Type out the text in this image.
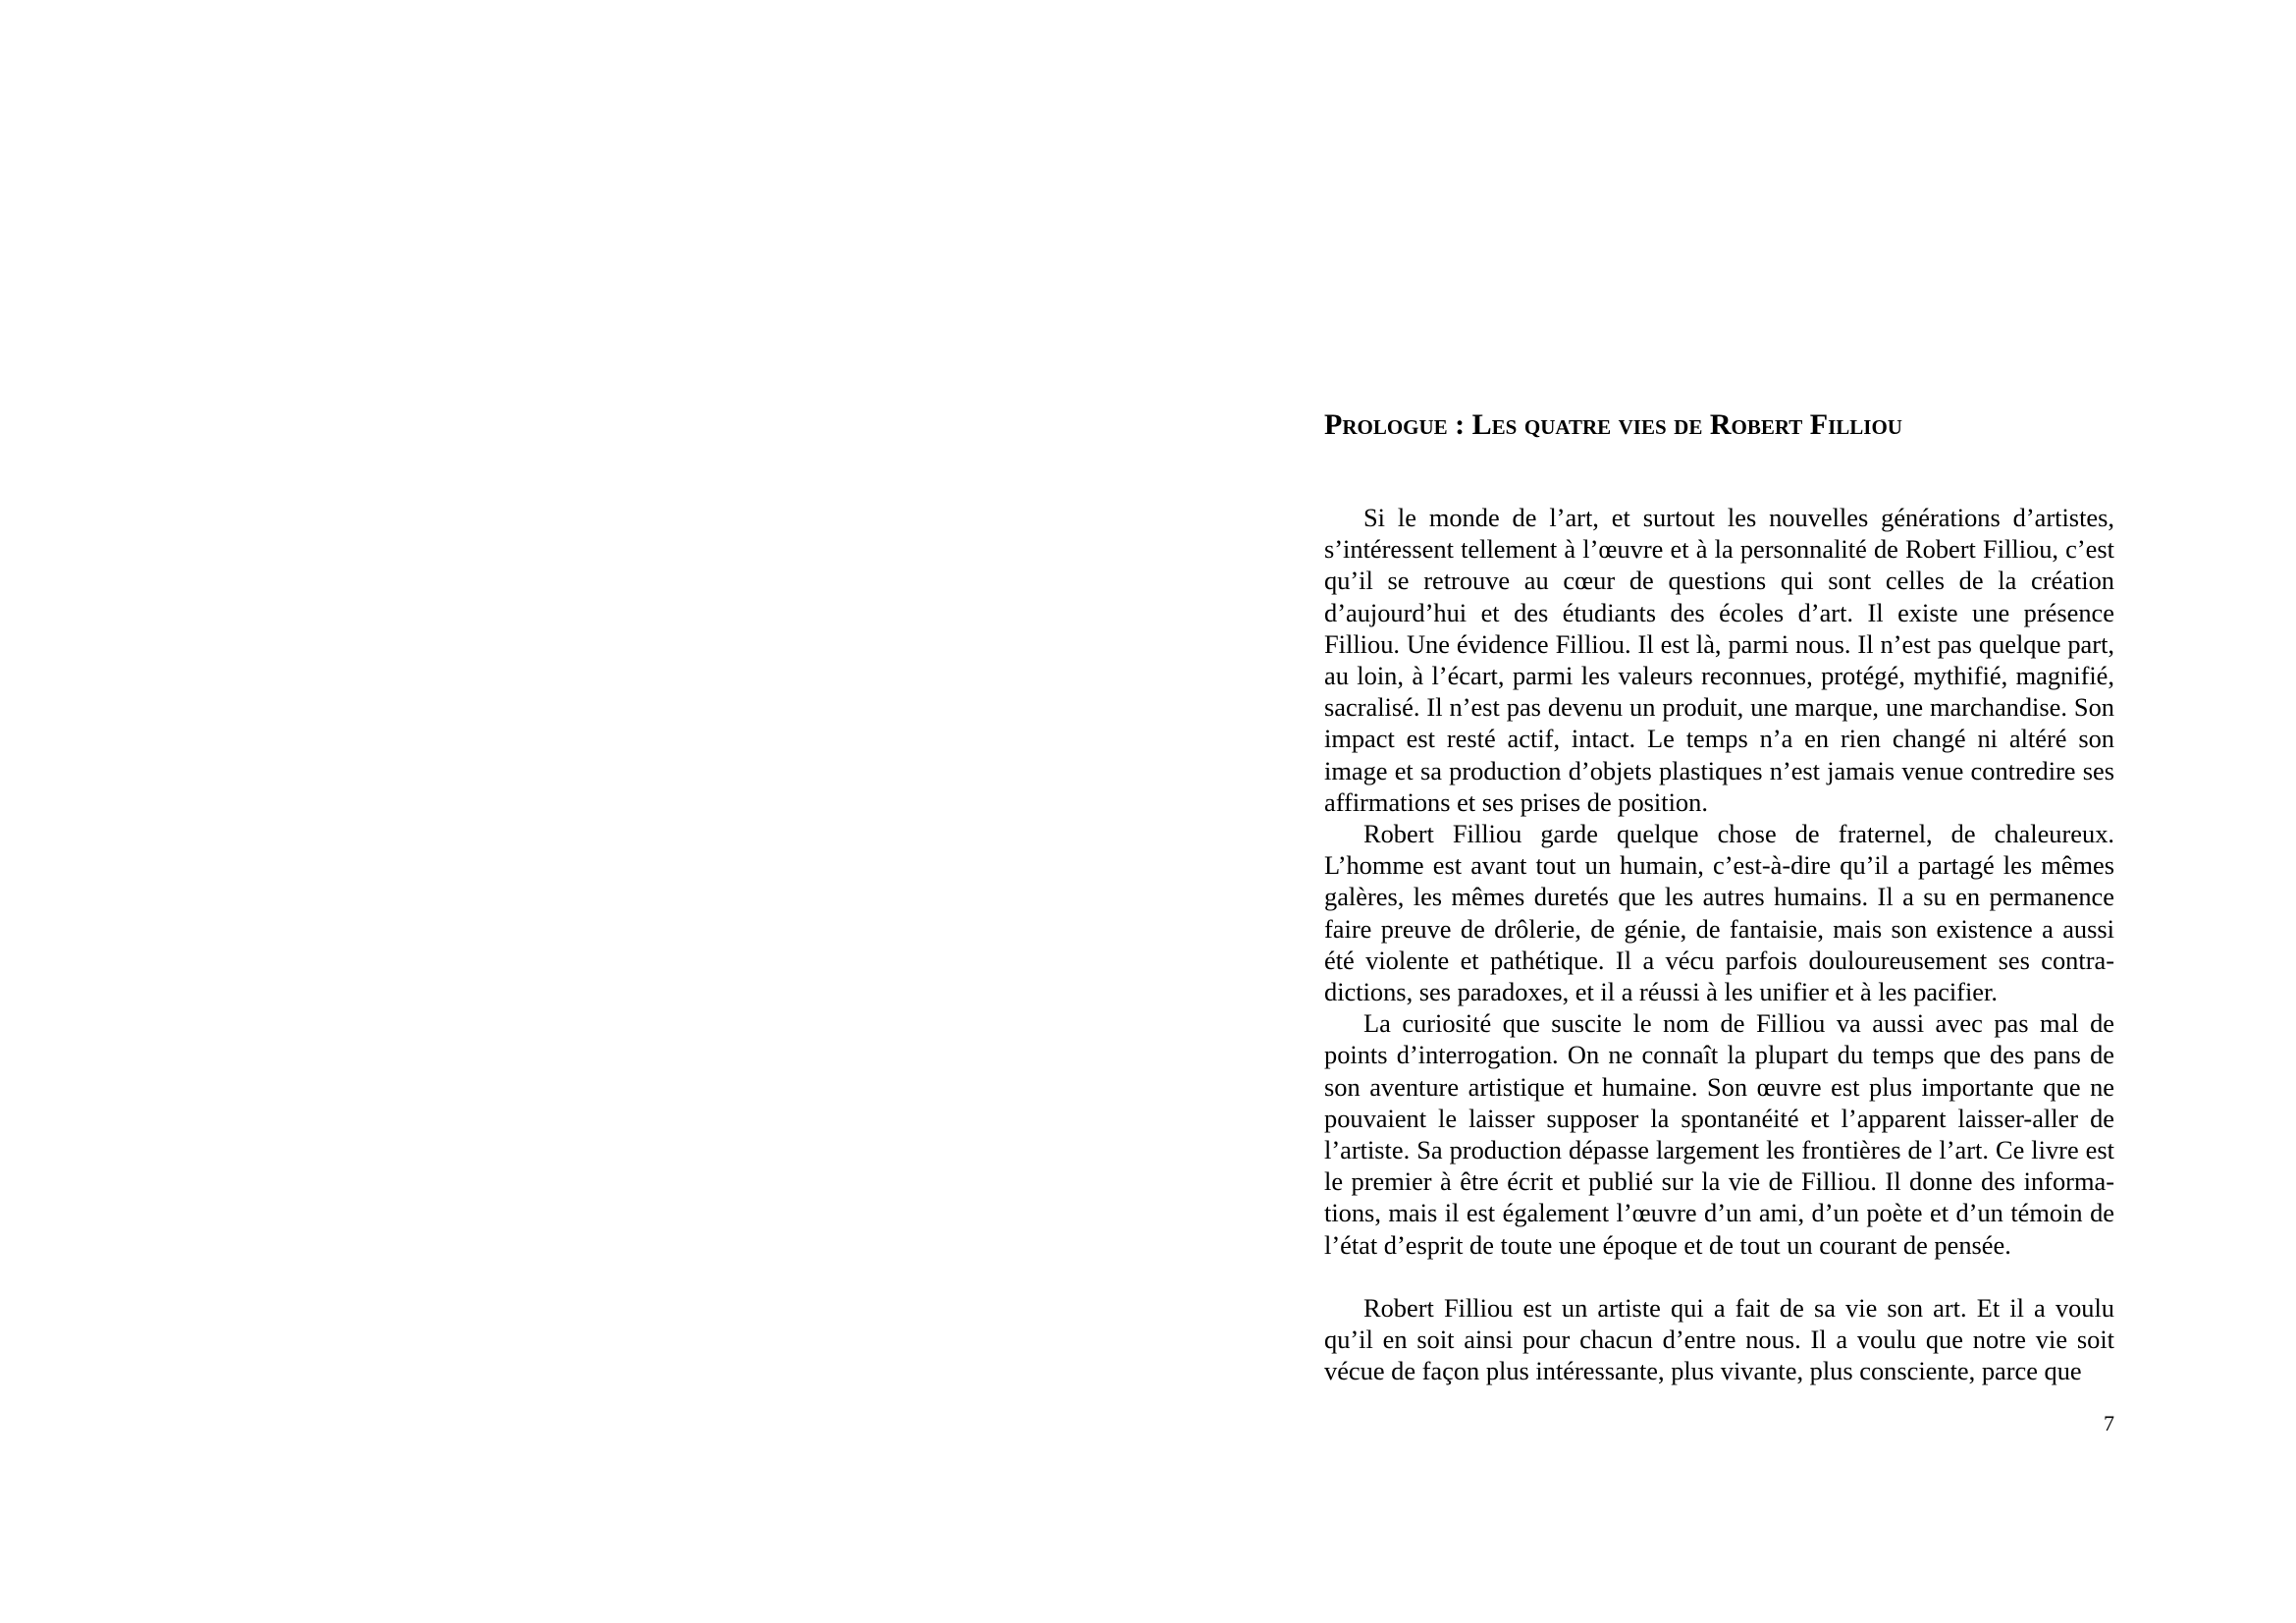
Prologue : Les quatre vies de Robert Filliou

Si le monde de l’art, et surtout les nouvelles générations d’artistes, s’intéressent tellement à l’œuvre et à la personnalité de Robert Filliou, c’est qu’il se retrouve au cœur de questions qui sont celles de la création d’aujourd’hui et des étudiants des écoles d’art. Il existe une présence Filliou. Une évidence Filliou. Il est là, parmi nous. Il n’est pas quelque part, au loin, à l’écart, parmi les valeurs reconnues, protégé, mythifié, magnifié, sacralisé. Il n’est pas devenu un produit, une marque, une marchandise. Son impact est resté actif, intact. Le temps n’a en rien changé ni altéré son image et sa production d’objets plastiques n’est jamais venue contredire ses affirmations et ses prises de position.

Robert Filliou garde quelque chose de fraternel, de chaleureux. L’homme est avant tout un humain, c’est-à-dire qu’il a partagé les mêmes galères, les mêmes duretés que les autres humains. Il a su en permanence faire preuve de drôlerie, de génie, de fantaisie, mais son existence a aussi été violente et pathétique. Il a vécu parfois douloureusement ses contradictions, ses paradoxes, et il a réussi à les unifier et à les pacifier.

La curiosité que suscite le nom de Filliou va aussi avec pas mal de points d’interrogation. On ne connaît la plupart du temps que des pans de son aventure artistique et humaine. Son œuvre est plus importante que ne pouvaient le laisser supposer la spontanéité et l’apparent laisser-aller de l’artiste. Sa production dépasse largement les frontières de l’art. Ce livre est le premier à être écrit et publié sur la vie de Filliou. Il donne des informations, mais il est également l’œuvre d’un ami, d’un poète et d’un témoin de l’état d’esprit de toute une époque et de tout un courant de pensée.

Robert Filliou est un artiste qui a fait de sa vie son art. Et il a voulu qu’il en soit ainsi pour chacun d’entre nous. Il a voulu que notre vie soit vécue de façon plus intéressante, plus vivante, plus consciente, parce que

7
